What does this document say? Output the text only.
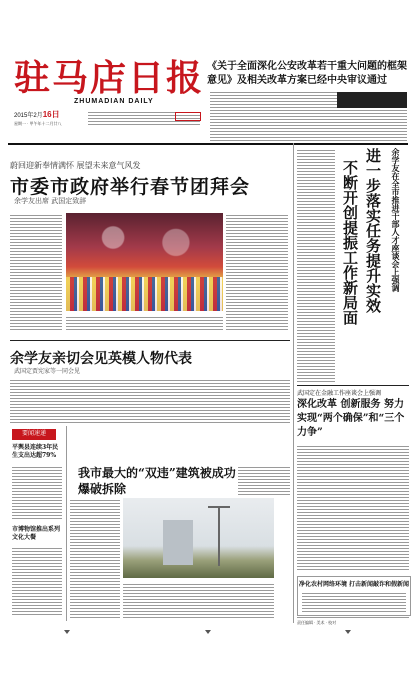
驻马店日报
ZHUMADIAN DAILY
2015年2月16日
星期一 · 甲午年十二月廿八
《关于全面深化公安改革若干重大问题的框架意见》及相关改革方案已经中央审议通过
蔚回迎新奉情满怀 展望未来意气风发
市委市政府举行春节团拜会
余学友出席 武国定致辞	余学友在全市推进干部人才座谈会上强调
进一步落实任务提升实效
不断开创提振工作新局面
武国定在金融工作座谈会上强调
深化改革 创新服务 努力实现“两个确保”和“三个力争”
净化农村网络环境 打击新闻敲诈和假新闻
责任编辑 · 美术 · 校对
余学友亲切会见英模人物代表
武国定贾宪家等一同会见
要闻速递
平舆县连续3年民生支出达超79%
市博物馆推出系列文化大餐
我市最大的“双违”建筑被成功爆破拆除
